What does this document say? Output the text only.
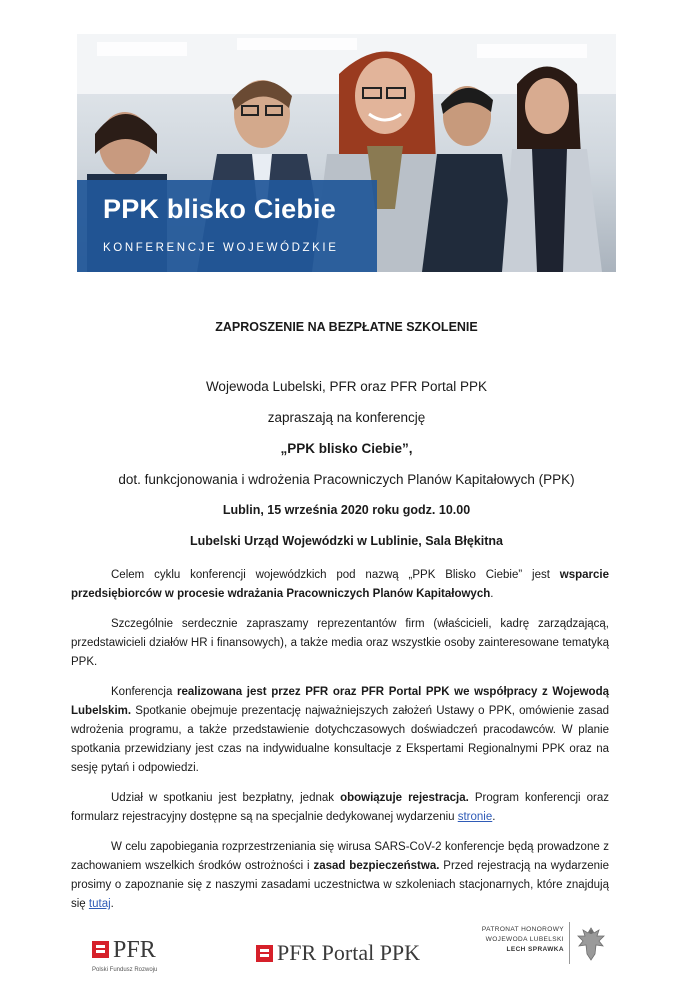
PPK blisko Ciebie
KONFERENCJE WOJEWÓDZKIE
ZAPROSZENIE NA BEZPŁATNE SZKOLENIE
Wojewoda Lubelski, PFR oraz PFR Portal PPK
zapraszają na konferencję
„PPK blisko Ciebie”,
dot. funkcjonowania i wdrożenia Pracowniczych Planów Kapitałowych (PPK)
Lublin, 15 września 2020 roku godz. 10.00
Lubelski Urząd Wojewódzki w Lublinie, Sala Błękitna

Celem cyklu konferencji wojewódzkich pod nazwą „PPK Blisko Ciebie” jest wsparcie przedsiębiorców w procesie wdrażania Pracowniczych Planów Kapitałowych.

Szczególnie serdecznie zapraszamy reprezentantów firm (właścicieli, kadrę zarządzającą, przedstawicieli działów HR i finansowych), a także media oraz wszystkie osoby zainteresowane tematyką PPK.

Konferencja realizowana jest przez PFR oraz PFR Portal PPK we współpracy z Wojewodą Lubelskim. Spotkanie obejmuje prezentację najważniejszych założeń Ustawy o PPK, omówienie zasad wdrożenia programu, a także przedstawienie dotychczasowych doświadczeń pracodawców. W planie spotkania przewidziany jest czas na indywidualne konsultacje z Ekspertami Regionalnymi PPK oraz na sesję pytań i odpowiedzi.

Udział w spotkaniu jest bezpłatny, jednak obowiązuje rejestracja. Program konferencji oraz formularz rejestracyjny dostępne są na specjalnie dedykowanej wydarzeniu stronie.

W celu zapobiegania rozprzestrzeniania się wirusa SARS-CoV-2 konferencje będą prowadzone z zachowaniem wszelkich środków ostrożności i zasad bezpieczeństwa. Przed rejestracją na wydarzenie prosimy o zapoznanie się z naszymi zasadami uczestnictwa w szkoleniach stacjonarnych, które znajdują się tutaj.

PFR
Polski Fundusz Rozwoju
PFR Portal PPK
PATRONAT HONOROWY
WOJEWODA LUBELSKI
LECH SPRAWKA
